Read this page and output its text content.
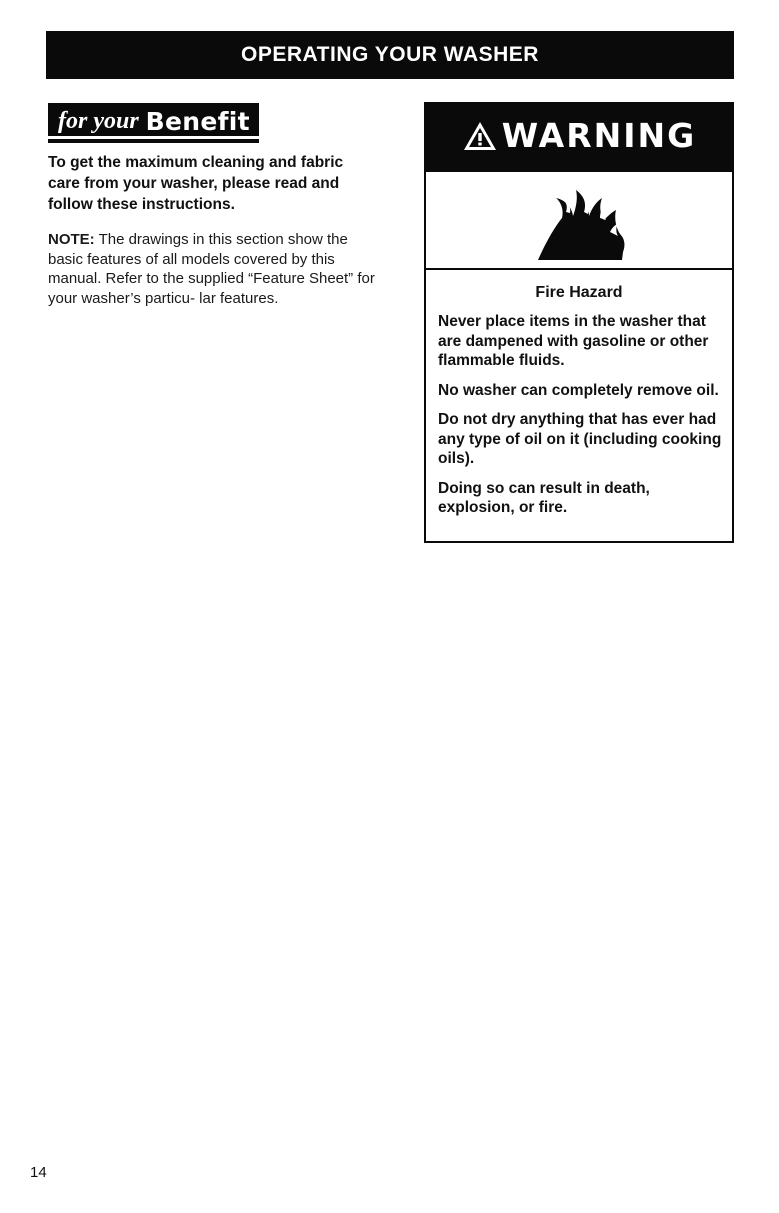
OPERATING YOUR WASHER
for your Benefit

To get the maximum cleaning and fabric care from your washer, please read and follow these instructions.

NOTE: The drawings in this section show the basic features of all models covered by this manual. Refer to the supplied “Feature Sheet” for your washer’s particu- lar features.

WARNING
Fire Hazard

Never place items in the washer that are dampened with gasoline or other flammable fluids.

No washer can completely remove oil.

Do not dry anything that has ever had any type of oil on it (including cooking oils).

Doing so can result in death, explosion, or fire.

14
